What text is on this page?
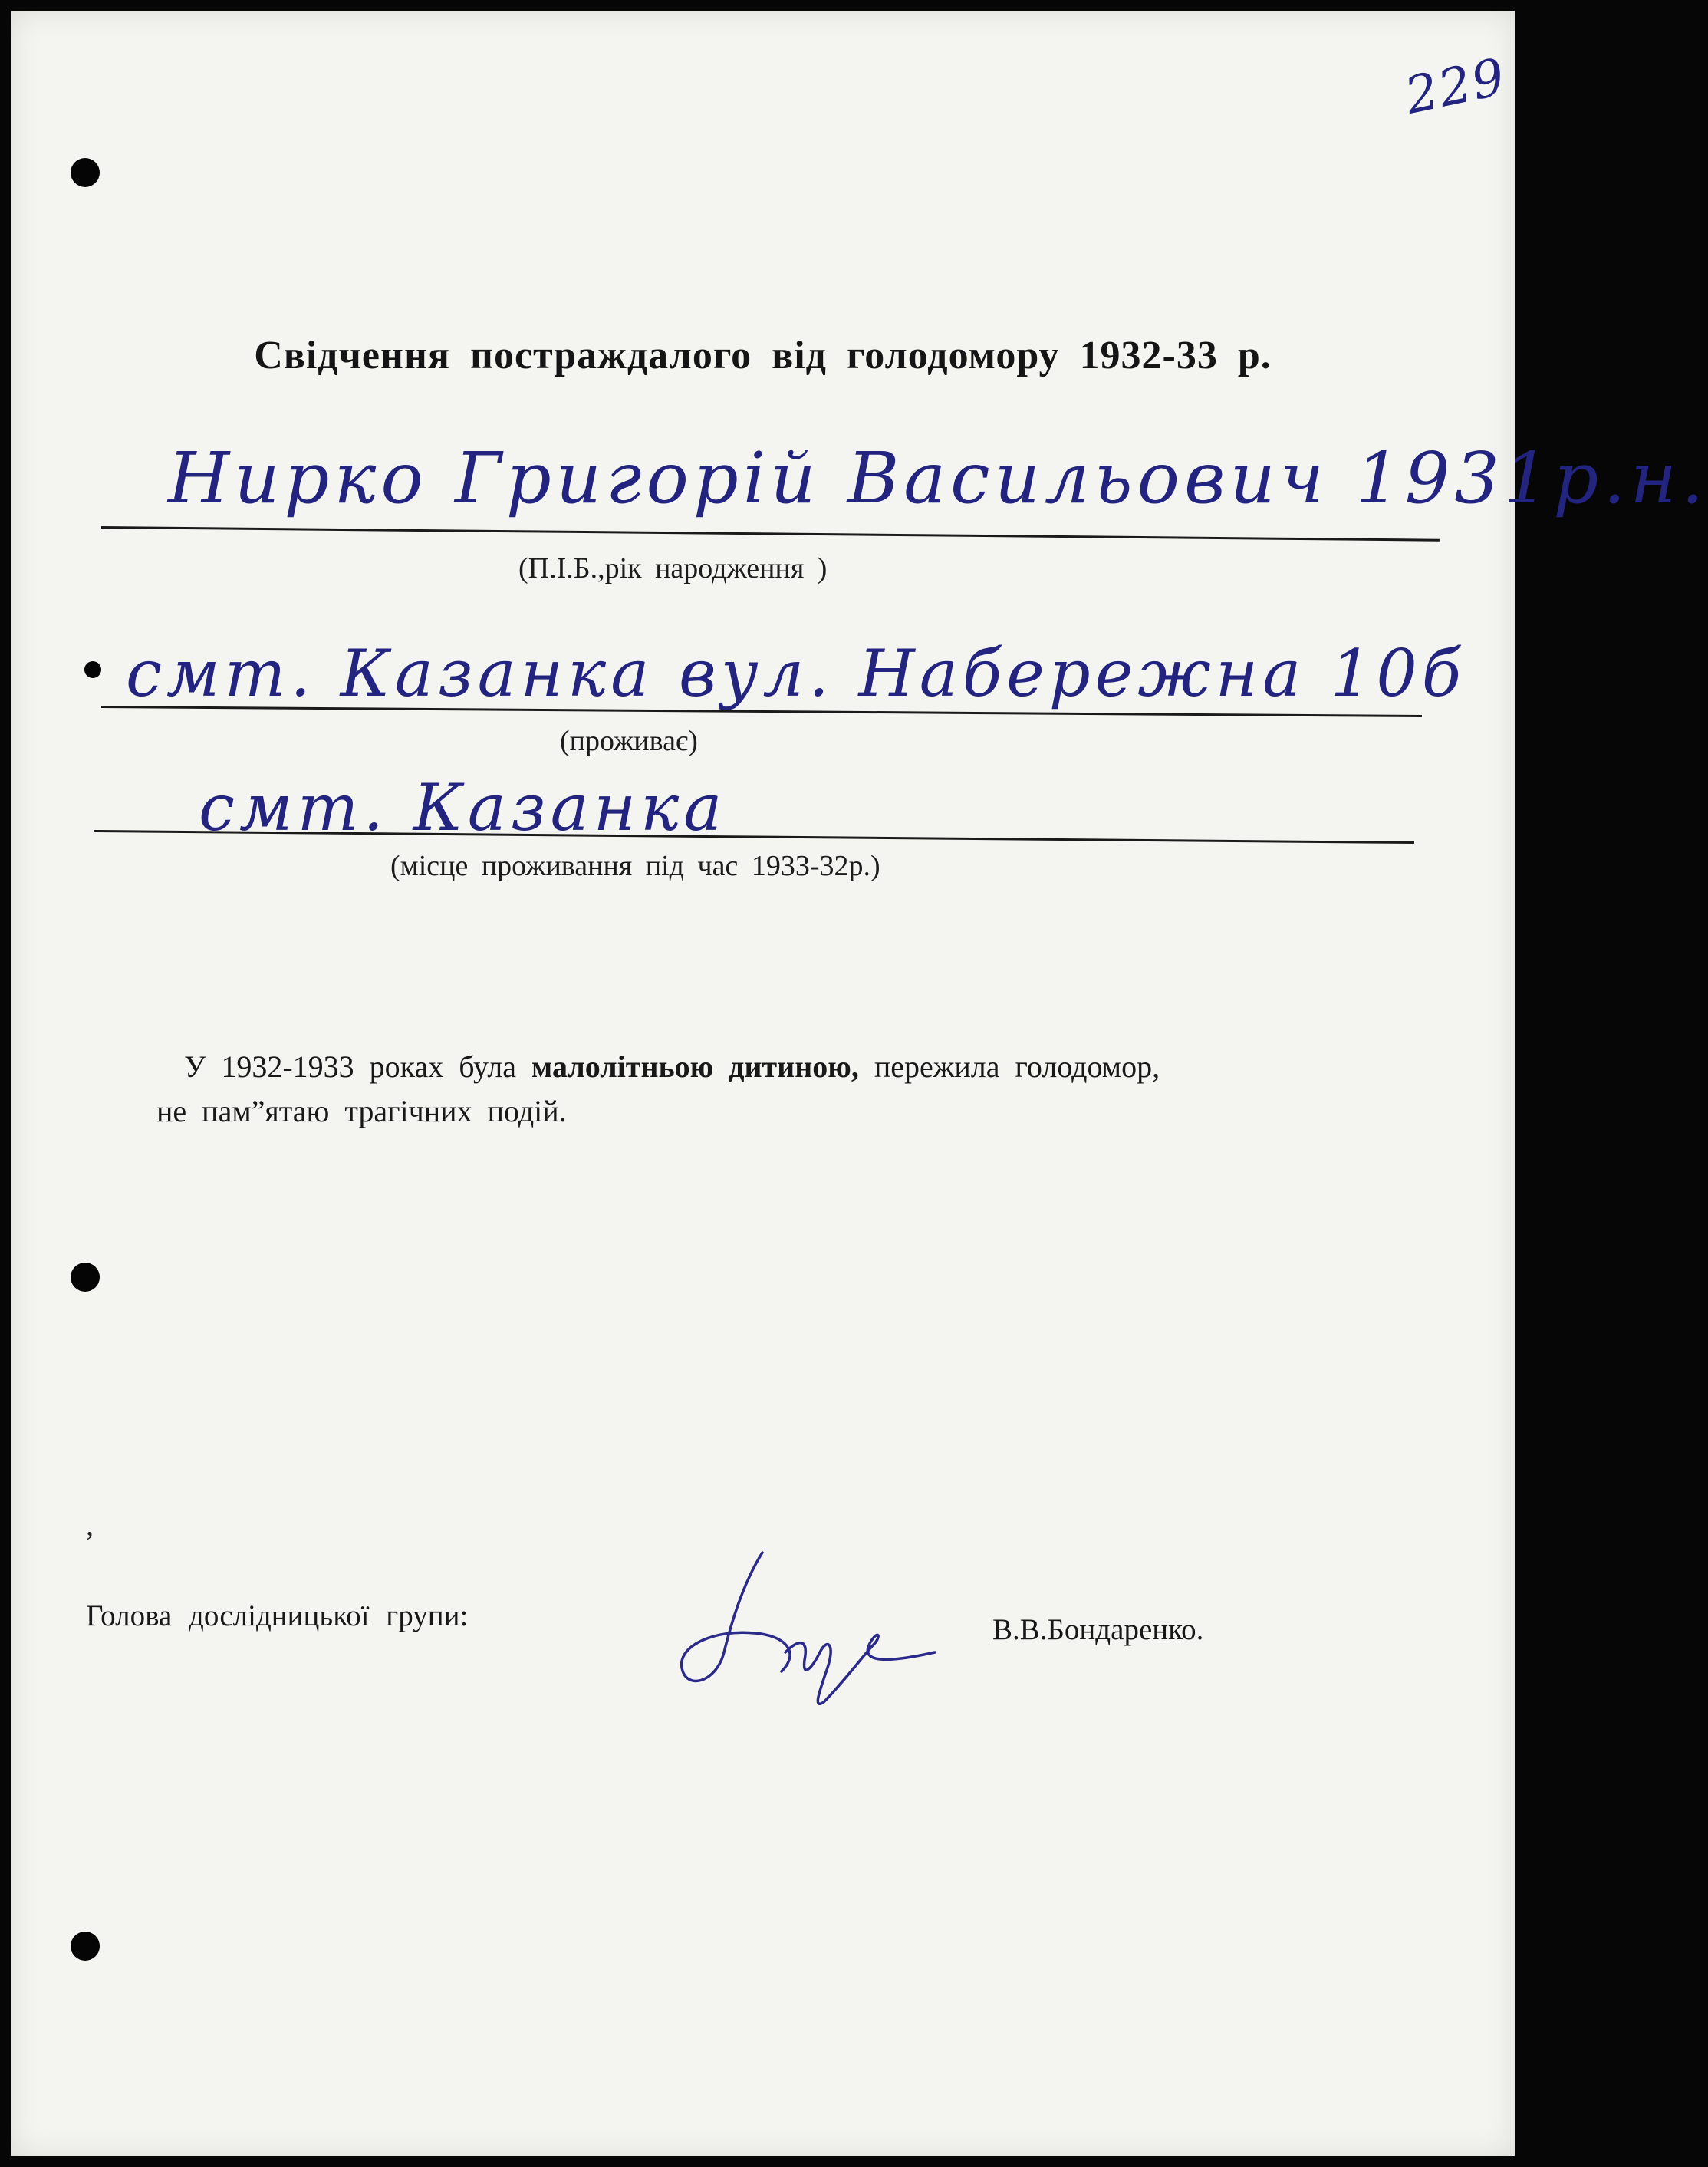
229
Свідчення постраждалого від голодомору 1932-33 р.
Нирко Григорій Васильович 1931р.н.
(П.І.Б.,рік народження )
смт. Казанка вул. Набережна 10б
(проживає)
смт. Казанка
(місце проживання під час 1933-32р.)
У 1932-1933 роках була малолітньою дитиною, пережила голодомор,
не пам”ятаю трагічних подій.
,
Голова дослідницької групи:	В.В.Бондаренко.
